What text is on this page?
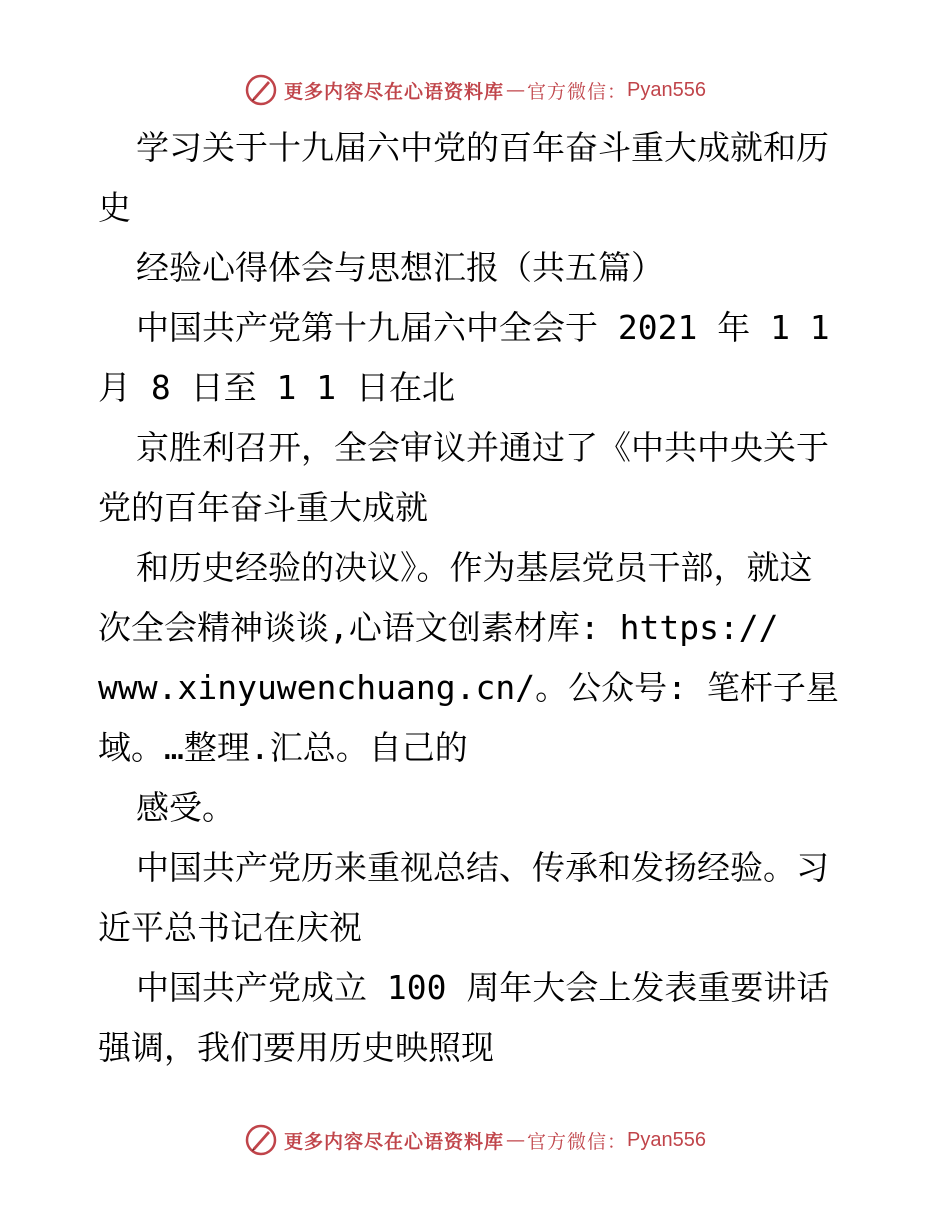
更多内容尽在心语资料库 — 官方微信： Pyan556
学习关于十九届六中党的百年奋斗重大成就和历
史
经验心得体会与思想汇报（共五篇）
中国共产党第十九届六中全会于 2021 年 1 1
月 8 日至 1 1 日在北
京胜利召开，全会审议并通过了《中共中央关于
党的百年奋斗重大成就
和历史经验的决议》。作为基层党员干部，就这
次全会精神谈谈,心语文创素材库: https://
www.xinyuwenchuang.cn/。公众号: 笔杆子星
域。…整理.汇总。自己的
感受。
中国共产党历来重视总结、传承和发扬经验。习
近平总书记在庆祝
中国共产党成立 100 周年大会上发表重要讲话
强调，我们要用历史映照现
更多内容尽在心语资料库 — 官方微信： Pyan556
